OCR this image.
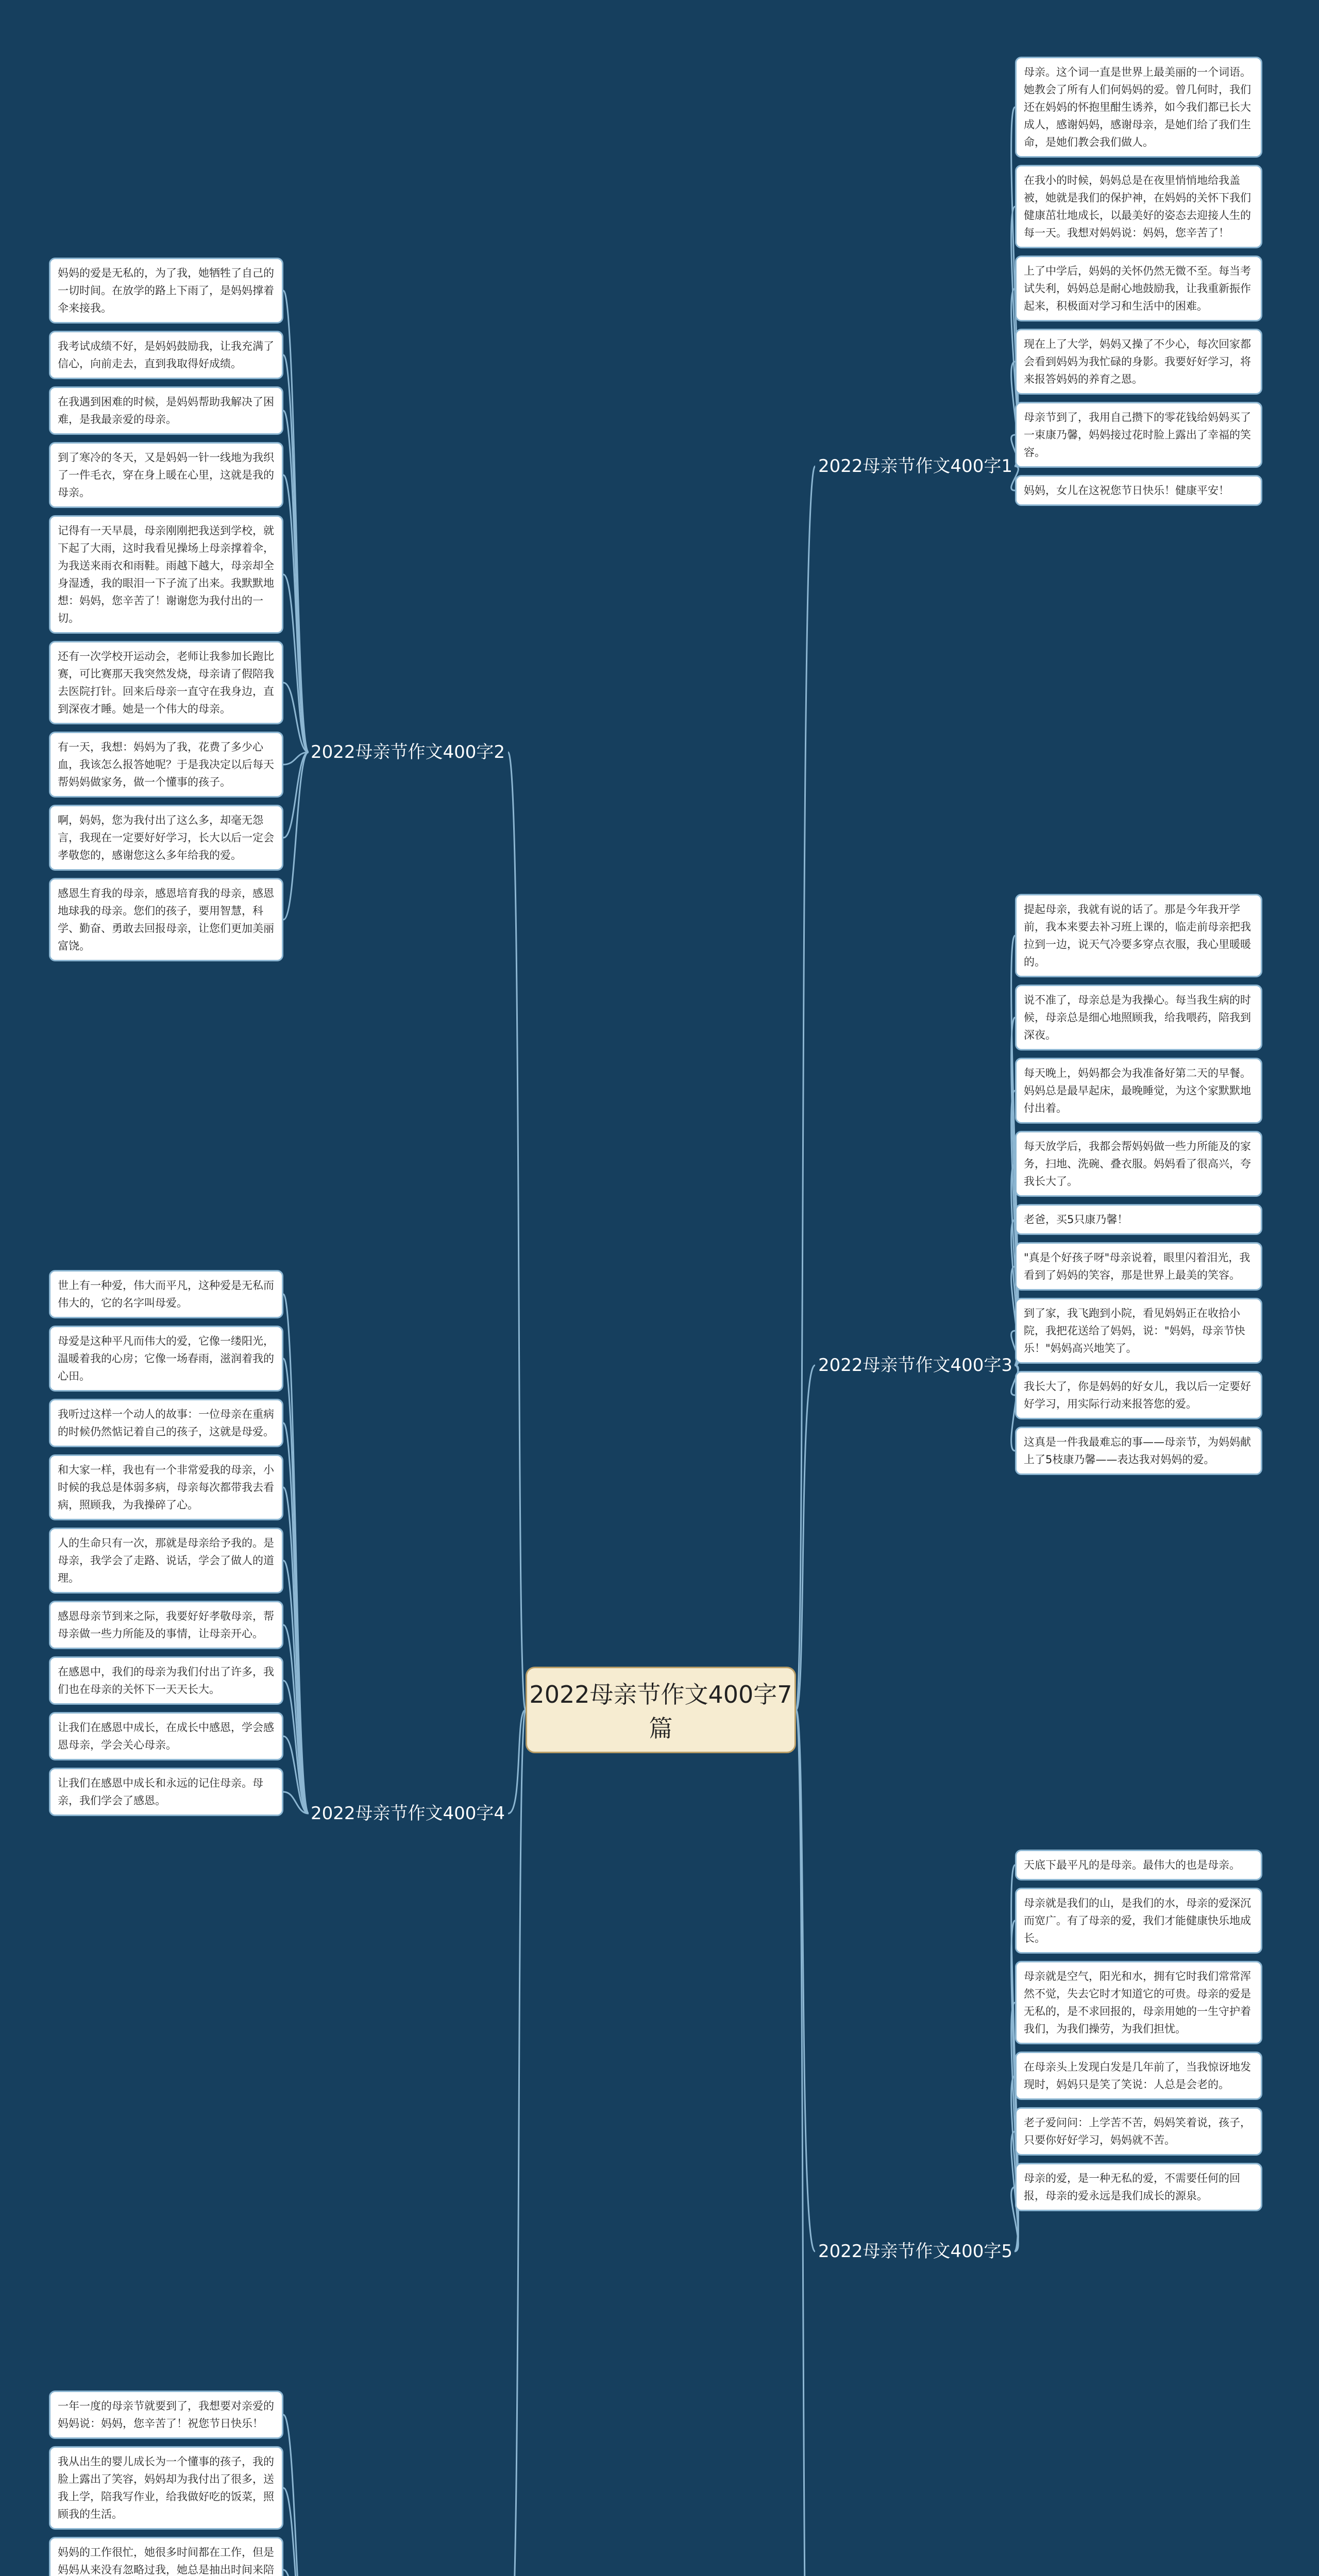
2022母亲节作文400字7篇
2022母亲节作文400字1
母亲。这个词一直是世界上最美丽的一个词语。她教会了所有人们何妈妈的爱。曾几何时，我们还在妈妈的怀抱里酣生诱养，如今我们都已长大成人，感谢妈妈，感谢母亲，是她们给了我们生命，是她们教会我们做人。
在我小的时候，妈妈总是在夜里悄悄地给我盖被，她就是我们的保护神，在妈妈的关怀下我们健康茁壮地成长，以最美好的姿态去迎接人生的每一天。我想对妈妈说：妈妈，您辛苦了！
上了中学后，妈妈的关怀仍然无微不至。每当考试失利，妈妈总是耐心地鼓励我，让我重新振作起来，积极面对学习和生活中的困难。
现在上了大学，妈妈又操了不少心，每次回家都会看到妈妈为我忙碌的身影。我要好好学习，将来报答妈妈的养育之恩。
母亲节到了，我用自己攒下的零花钱给妈妈买了一束康乃馨，妈妈接过花时脸上露出了幸福的笑容。
妈妈，女儿在这祝您节日快乐！健康平安！
2022母亲节作文400字2
妈妈的爱是无私的，为了我，她牺牲了自己的一切时间。在放学的路上下雨了，是妈妈撑着伞来接我。
我考试成绩不好，是妈妈鼓励我，让我充满了信心，向前走去，直到我取得好成绩。
在我遇到困难的时候，是妈妈帮助我解决了困难，是我最亲爱的母亲。
到了寒冷的冬天，又是妈妈一针一线地为我织了一件毛衣，穿在身上暖在心里，这就是我的母亲。
记得有一天早晨，母亲刚刚把我送到学校，就下起了大雨，这时我看见操场上母亲撑着伞，为我送来雨衣和雨鞋。雨越下越大，母亲却全身湿透，我的眼泪一下子流了出来。我默默地想：妈妈，您辛苦了！谢谢您为我付出的一切。
还有一次学校开运动会，老师让我参加长跑比赛，可比赛那天我突然发烧，母亲请了假陪我去医院打针。回来后母亲一直守在我身边，直到深夜才睡。她是一个伟大的母亲。
有一天，我想：妈妈为了我，花费了多少心血，我该怎么报答她呢？于是我决定以后每天帮妈妈做家务，做一个懂事的孩子。
啊，妈妈，您为我付出了这么多，却毫无怨言，我现在一定要好好学习，长大以后一定会孝敬您的，感谢您这么多年给我的爱。
感恩生育我的母亲，感恩培育我的母亲，感恩地球我的母亲。您们的孩子，要用智慧，科学、勤奋、勇敢去回报母亲，让您们更加美丽富饶。
2022母亲节作文400字3
提起母亲，我就有说的话了。那是今年我开学前，我本来要去补习班上课的，临走前母亲把我拉到一边，说天气冷要多穿点衣服，我心里暖暖的。
说不准了，母亲总是为我操心。每当我生病的时候，母亲总是细心地照顾我，给我喂药，陪我到深夜。
每天晚上，妈妈都会为我准备好第二天的早餐。妈妈总是最早起床，最晚睡觉，为这个家默默地付出着。
每天放学后，我都会帮妈妈做一些力所能及的家务，扫地、洗碗、叠衣服。妈妈看了很高兴，夸我长大了。
老爸，买5只康乃馨！
"真是个好孩子呀"母亲说着，眼里闪着泪光，我看到了妈妈的笑容，那是世界上最美的笑容。
到了家，我飞跑到小院，看见妈妈正在收拾小院，我把花送给了妈妈，说："妈妈，母亲节快乐！"妈妈高兴地笑了。
我长大了，你是妈妈的好女儿，我以后一定要好好学习，用实际行动来报答您的爱。
这真是一件我最难忘的事——母亲节，为妈妈献上了5枝康乃馨——表达我对妈妈的爱。
2022母亲节作文400字4
世上有一种爱，伟大而平凡，这种爱是无私而伟大的，它的名字叫母爱。
母爱是这种平凡而伟大的爱，它像一缕阳光，温暖着我的心房；它像一场春雨，滋润着我的心田。
我听过这样一个动人的故事：一位母亲在重病的时候仍然惦记着自己的孩子，这就是母爱。
和大家一样，我也有一个非常爱我的母亲，小时候的我总是体弱多病，母亲每次都带我去看病，照顾我，为我操碎了心。
人的生命只有一次，那就是母亲给予我的。是母亲，我学会了走路、说话，学会了做人的道理。
感恩母亲节到来之际，我要好好孝敬母亲，帮母亲做一些力所能及的事情，让母亲开心。
在感恩中，我们的母亲为我们付出了许多，我们也在母亲的关怀下一天天长大。
让我们在感恩中成长，在成长中感恩，学会感恩母亲，学会关心母亲。
让我们在感恩中成长和永远的记住母亲。母亲，我们学会了感恩。
2022母亲节作文400字5
天底下最平凡的是母亲。最伟大的也是母亲。
母亲就是我们的山，是我们的水，母亲的爱深沉而宽广。有了母亲的爱，我们才能健康快乐地成长。
母亲就是空气，阳光和水，拥有它时我们常常浑然不觉，失去它时才知道它的可贵。母亲的爱是无私的，是不求回报的，母亲用她的一生守护着我们，为我们操劳，为我们担忧。
在母亲头上发现白发是几年前了，当我惊讶地发现时，妈妈只是笑了笑说：人总是会老的。
老子爱问问：上学苦不苦，妈妈笑着说，孩子，只要你好好学习，妈妈就不苦。
母亲的爱，是一种无私的爱，不需要任何的回报，母亲的爱永远是我们成长的源泉。
一年一度的母亲节就要到了，我想要对亲爱的妈妈说：妈妈，您辛苦了！祝您节日快乐！
我从出生的婴儿成长为一个懂事的孩子，我的脸上露出了笑容，妈妈却为我付出了很多，送我上学，陪我写作业，给我做好吃的饭菜，照顾我的生活。
妈妈的工作很忙，她很多时间都在工作，但是妈妈从来没有忽略过我，她总是抽出时间来陪
